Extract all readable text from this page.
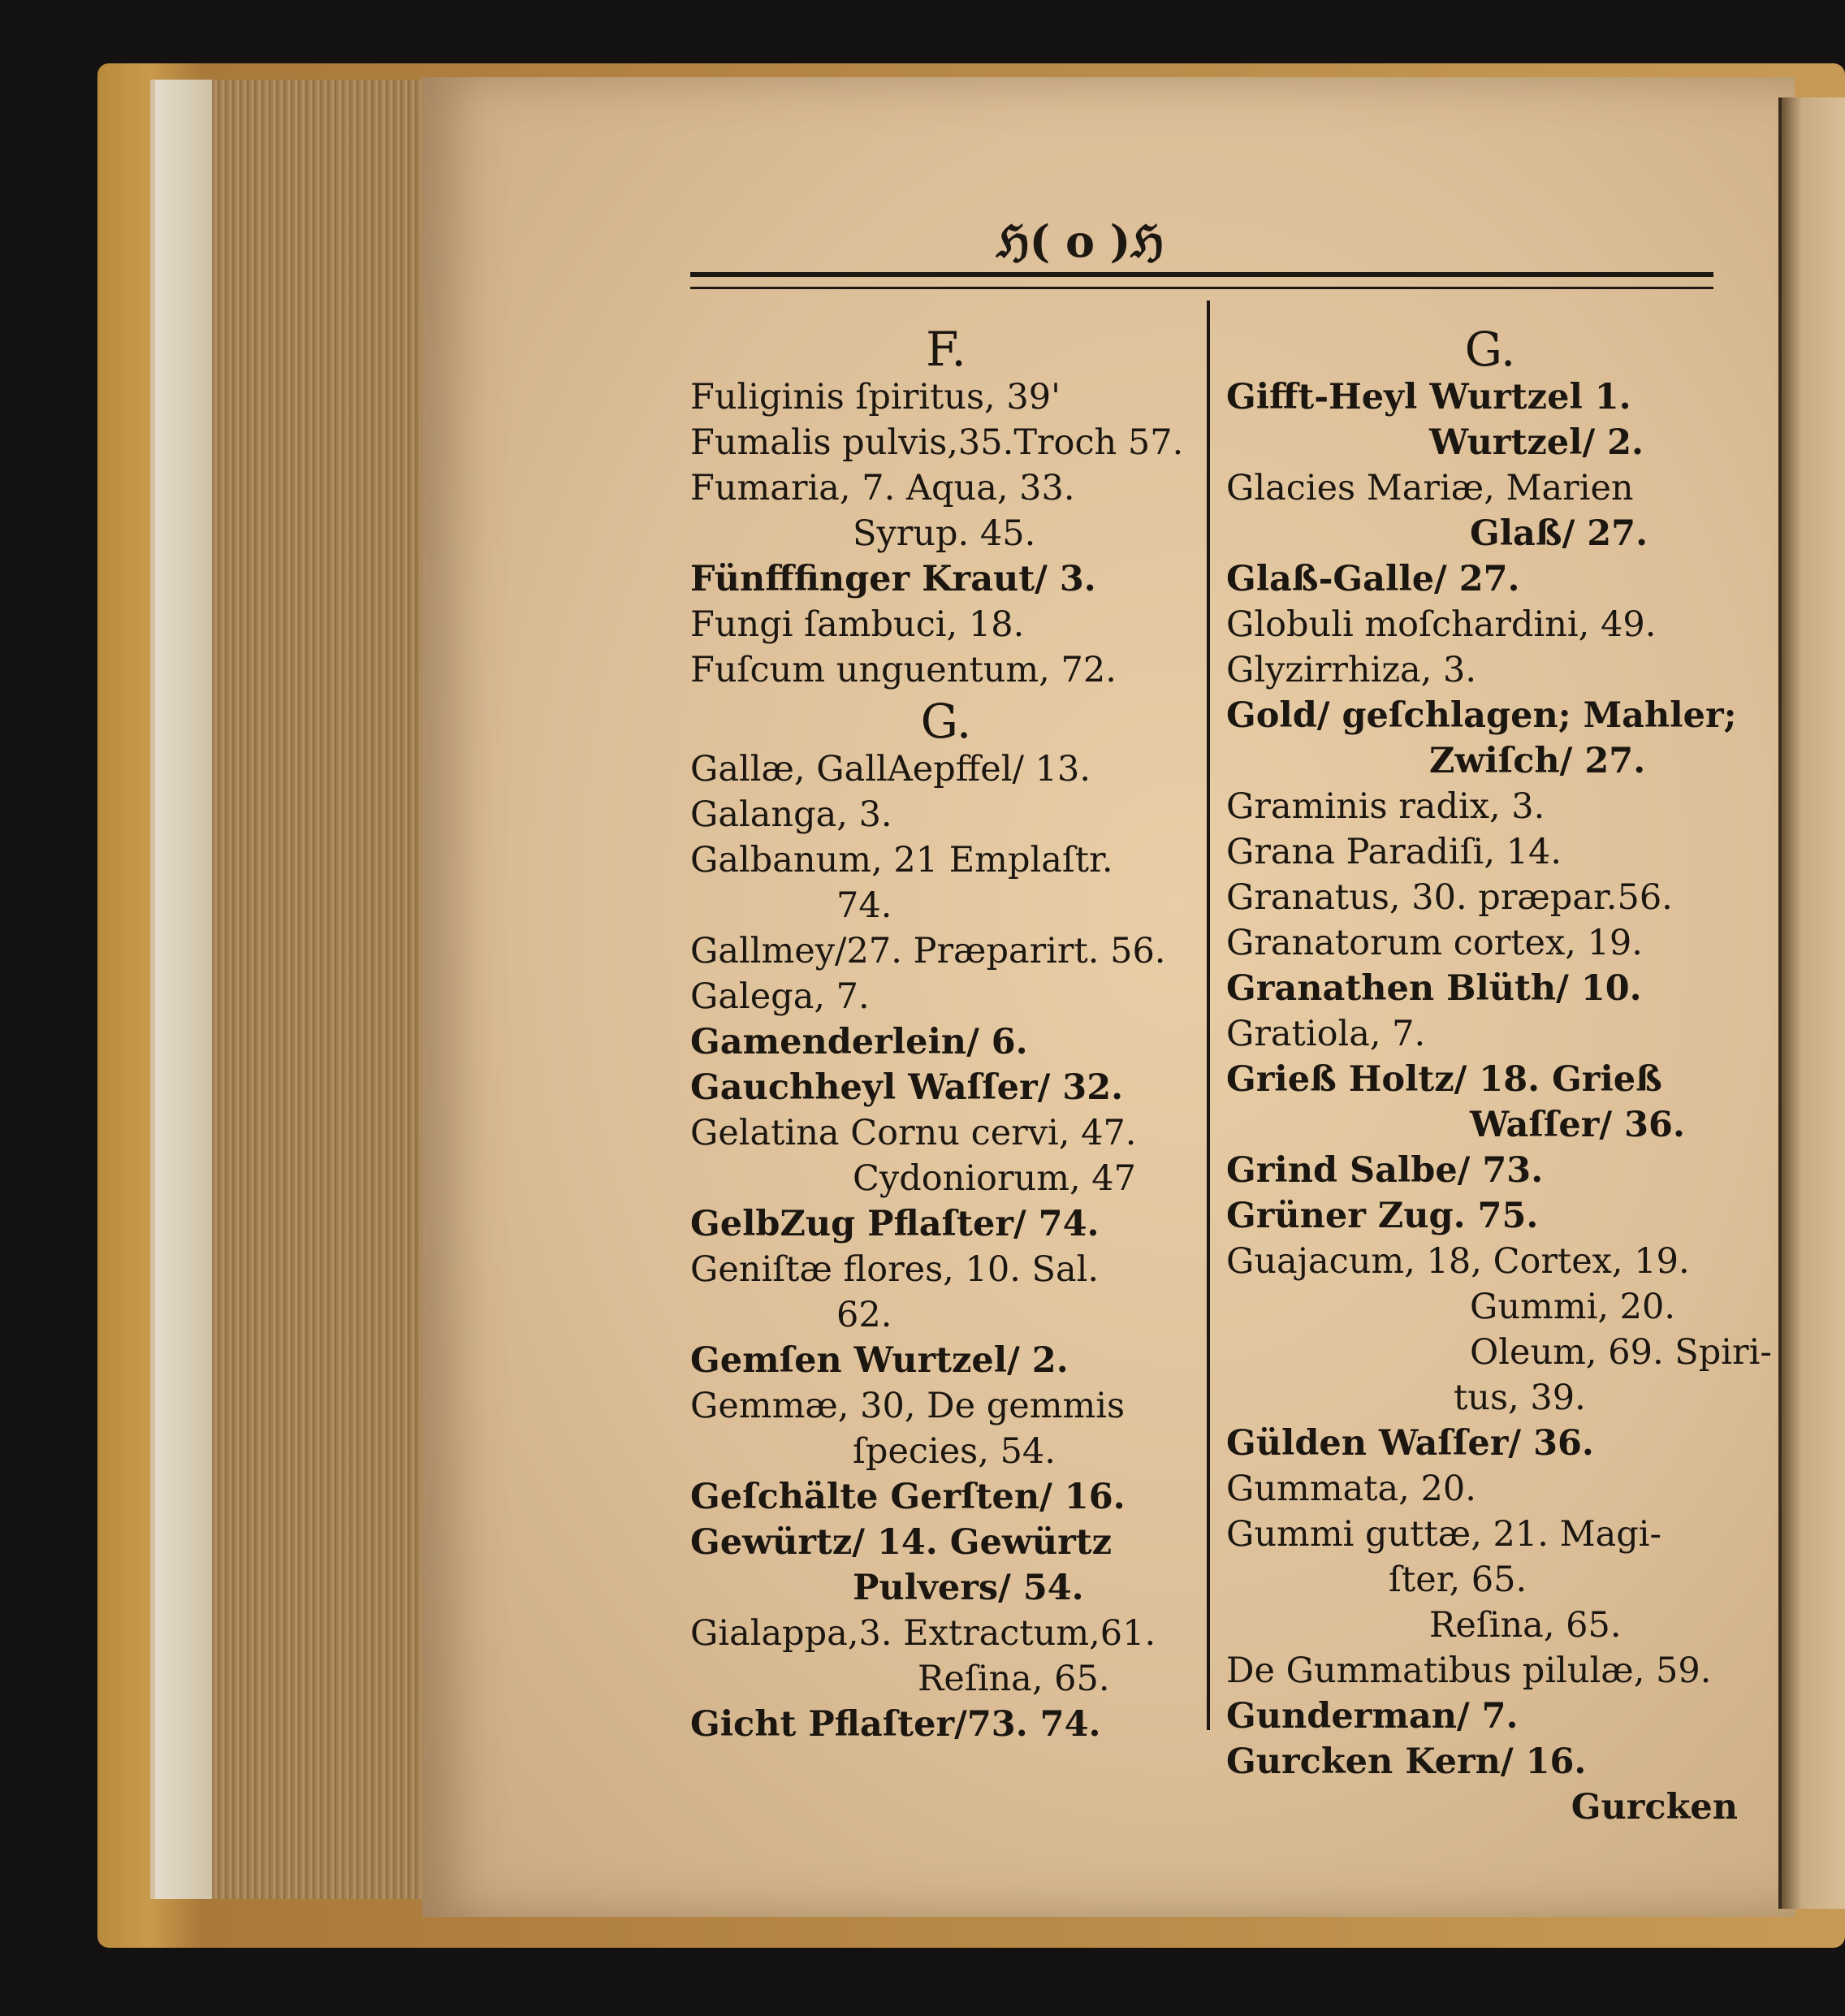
ℌ( o )ℌ
F.
Fuliginis ſpiritus, 39'
Fumalis pulvis,35.Troch 57.
Fumaria, 7. Aqua, 33.
Syrup. 45.
Fünfffinger Kraut/ 3.
Fungi ſambuci, 18.
Fuſcum unguentum, 72.
G.
Gallæ, GallAepffel/ 13.
Galanga, 3.
Galbanum, 21 Emplaſtr.
74.
Gallmey/27. Præparirt. 56.
Galega, 7.
Gamenderlein/ 6.
Gauchheyl Waſſer/ 32.
Gelatina Cornu cervi, 47.
Cydoniorum, 47
GelbZug Pflaſter/ 74.
Geniſtæ flores, 10. Sal.
62.
Gemſen Wurtzel/ 2.
Gemmæ, 30, De gemmis
ſpecies, 54.
Geſchälte Gerſten/ 16.
Gewürtz/ 14. Gewürtz
Pulvers/ 54.
Gialappa,3. Extractum,61.
Reſina, 65.
Gicht Pflaſter/73. 74.
G.
Gifft-Heyl Wurtzel 1.
Wurtzel/ 2.
Glacies Mariæ, Marien
Glaß/ 27.
Glaß-Galle/ 27.
Globuli moſchardini, 49.
Glyzirrhiza, 3.
Gold/ geſchlagen; Mahler;
Zwiſch/ 27.
Graminis radix, 3.
Grana Paradiſi, 14.
Granatus, 30. præpar.56.
Granatorum cortex, 19.
Granathen Blüth/ 10.
Gratiola, 7.
Grieß Holtz/ 18. Grieß
Waſſer/ 36.
Grind Salbe/ 73.
Grüner Zug. 75.
Guajacum, 18, Cortex, 19.
Gummi, 20.
Oleum, 69. Spiri-
tus, 39.
Gülden Waſſer/ 36.
Gummata, 20.
Gummi guttæ, 21. Magi-
ſter, 65.
Reſina, 65.
De Gummatibus pilulæ, 59.
Gunderman/ 7.
Gurcken Kern/ 16.
Gurcken
